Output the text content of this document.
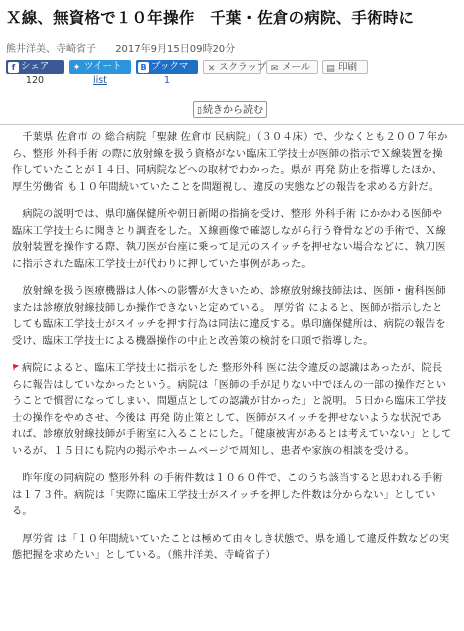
Ｘ線、無資格で１０年操作　千葉・佐倉の病院、手術時に
熊井洋美、寺崎省子 2017年9月15日09時20分
f シェア	✦ ツイート	B ブックマ	✕ スクラップ ✉ メール	▤ 印刷
120	list	1
▯続きから読む

　千葉県 佐倉市 の 総合病院「聖隷 佐倉市 民病院」（３０４床）で、少なくとも２００７年から、整形 外科手術 の際に放射線を扱う資格がない臨床工学技士が医師の指示でＸ線装置を操作していたことが１４日、同病院などへの取材でわかった。県が 再発 防止を指導したほか、厚生労働省 も１０年間続いていたことを問題視し、違反の実態などの報告を求める方針だ。

　病院の説明では、県印旛保健所や朝日新聞の指摘を受け、整形 外科手術 にかかわる医師や臨床工学技士らに聞きとり調査をした。Ｘ線画像で確認しながら行う脊骨などの手術で、Ｘ線放射装置を操作する際、執刀医が台座に乗って足元のスイッチを押せない場合などに、執刀医に指示された臨床工学技士が代わりに押していた事例があった。

　放射線を扱う医療機器は人体への影響が大きいため、診療放射線技師法は、医師・歯科医師または診療放射線技師しか操作できないと定めている。 厚労省 によると、医師が指示したとしても臨床工学技士がスイッチを押す行為は同法に違反する。県印旛保健所は、病院の報告を受け、臨床工学技士による機器操作の中止と改善策の検討を口頭で指導した。

病院によると、臨床工学技士に指示をした 整形外科 医に法令違反の認識はあったが、院長らに報告はしていなかったという。病院は「医師の手が足りない中でほんの一部の操作だということで慣習になってしまい、問題点としての認識が甘かった」と説明。５日から臨床工学技士の操作をやめさせ、今後は 再発 防止策として、医師がスイッチを押せないような状況であれば、診療放射線技師が手術室に入ることにした。「健康被害があるとは考えていない」としているが、１５日にも院内の掲示やホームページで周知し、患者や家族の相談を受ける。

　昨年度の同病院の 整形外科 の手術件数は１０６０件で、このうち該当すると思われる手術は１７３件。病院は「実際に臨床工学技士がスイッチを押した件数は分からない」としている。

　厚労省 は「１０年間続いていたことは極めて由々しき状態で、県を通して違反件数などの実態把握を求めたい」としている。（熊井洋美、寺崎省子）
